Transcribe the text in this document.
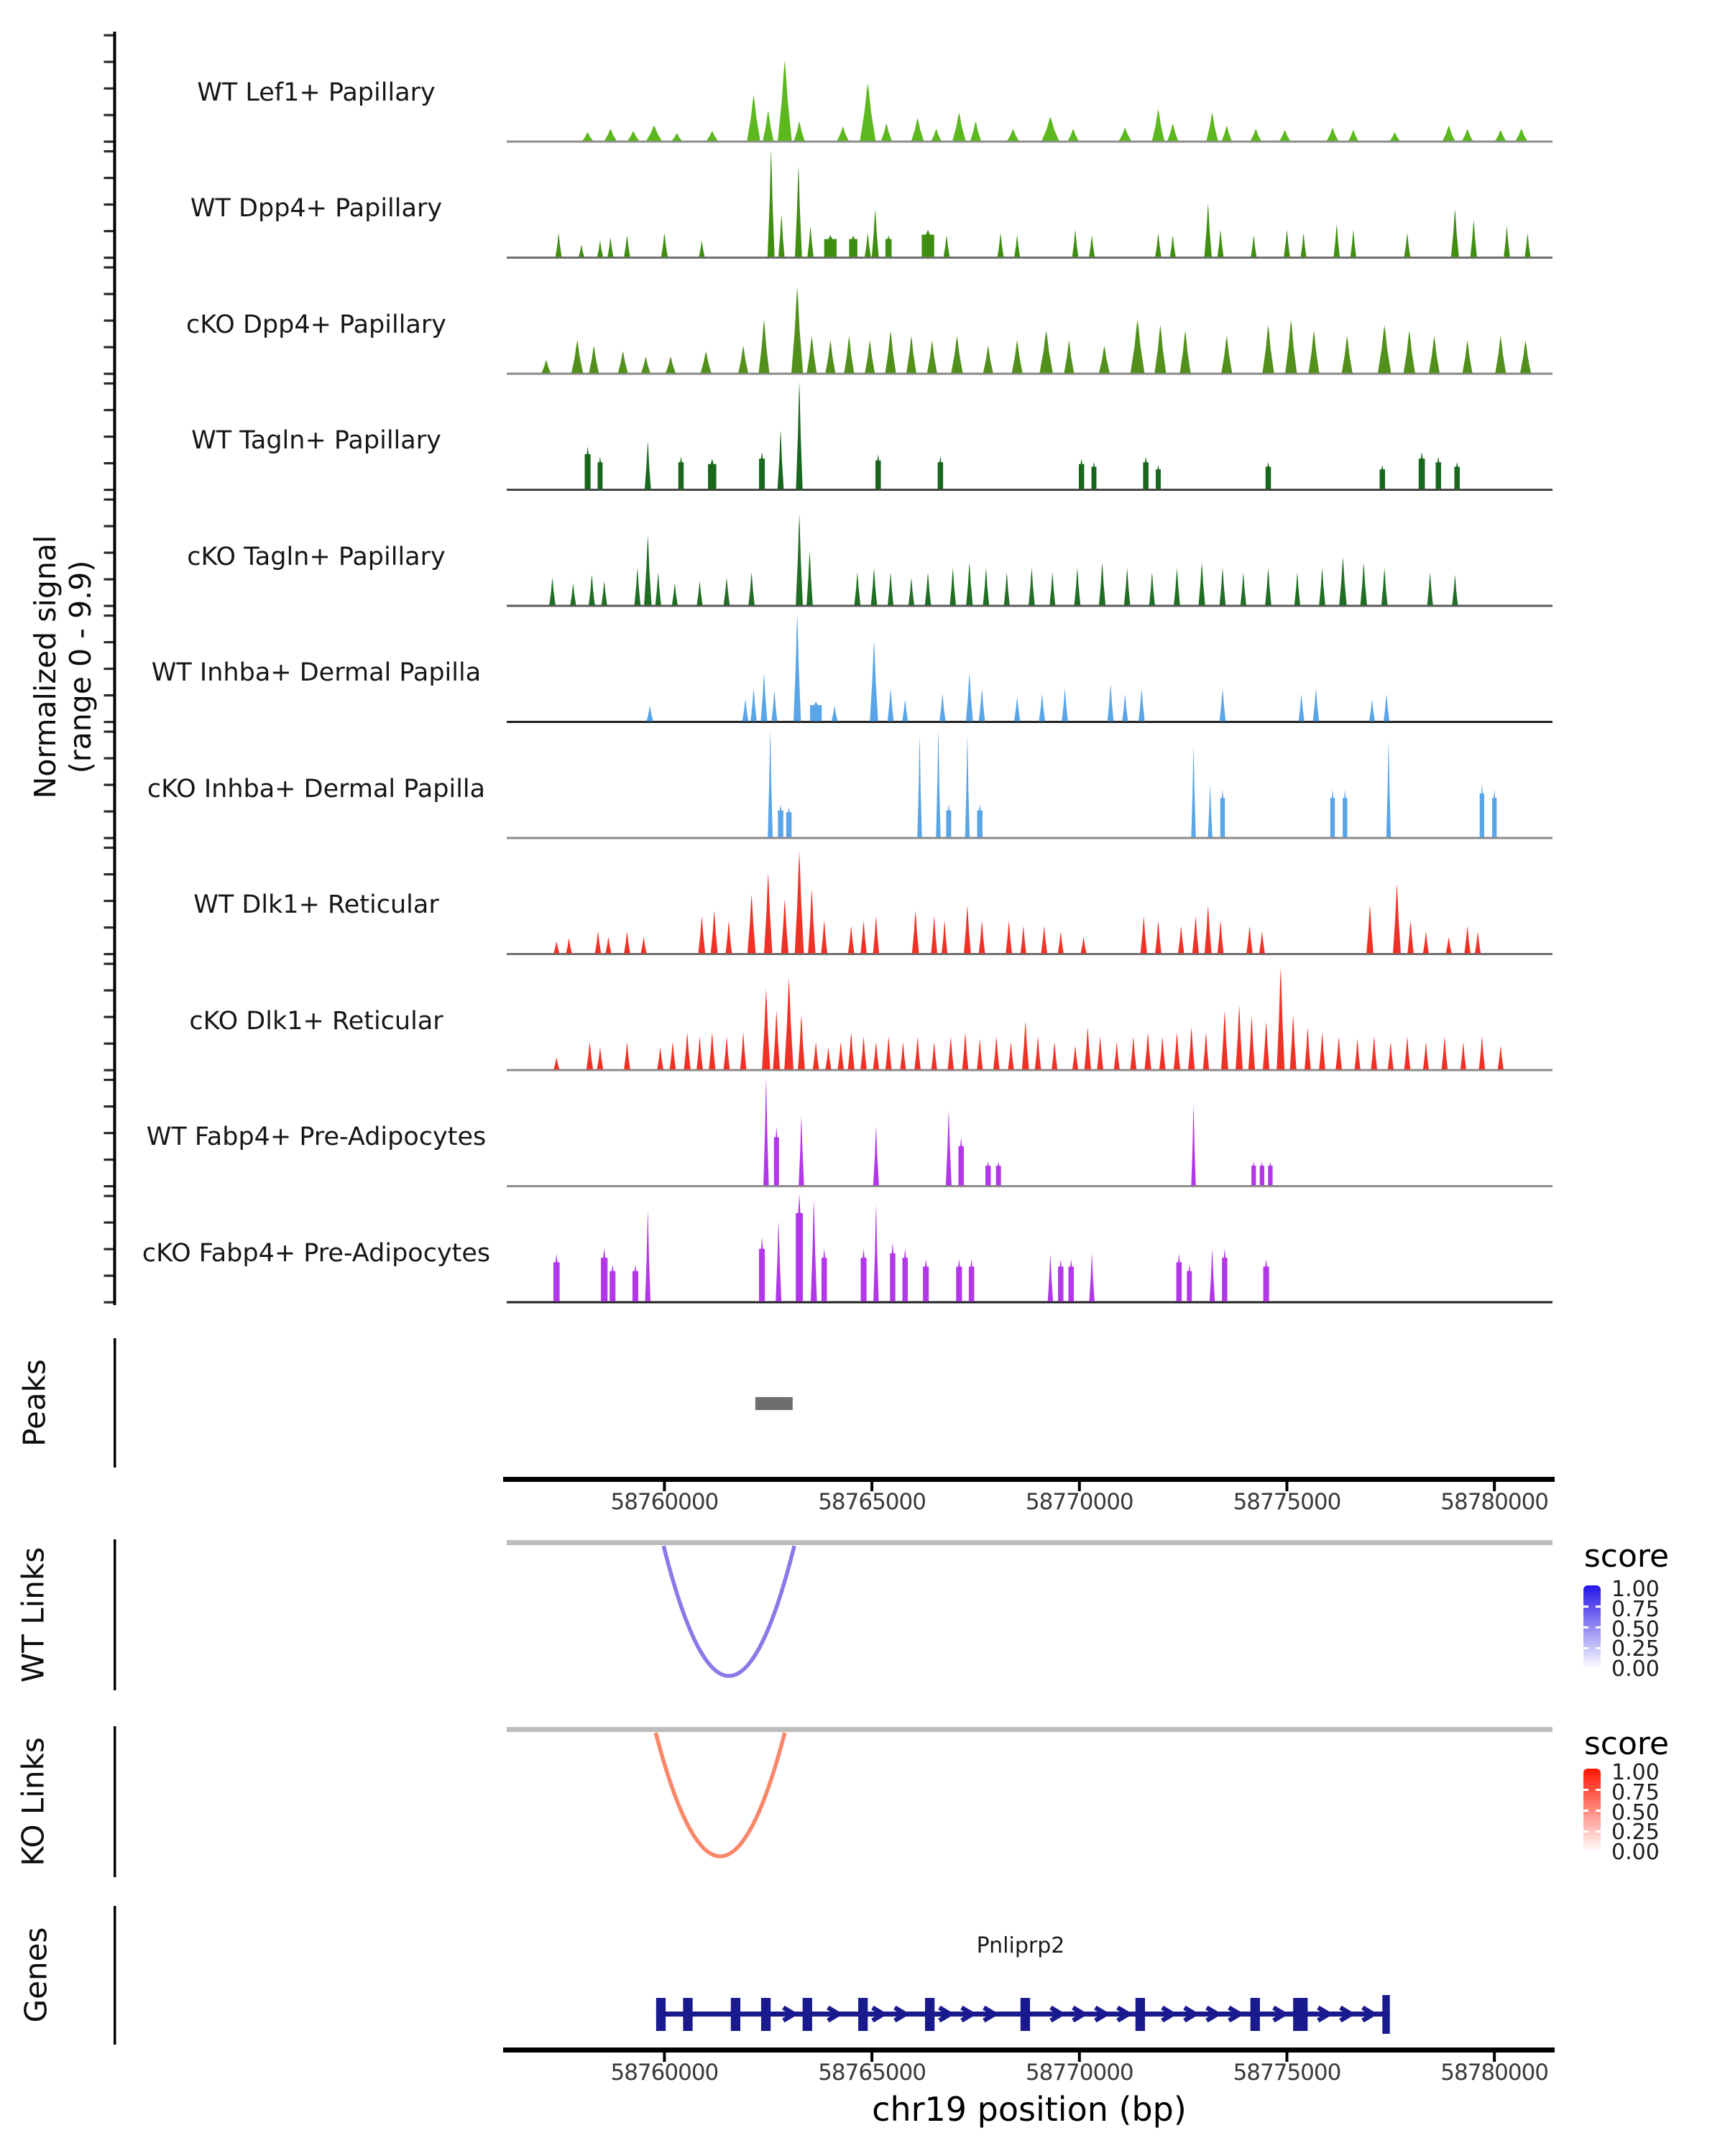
Normalized signal (range 0 - 9.9)
WT Lef1+ Papillary
WT Dpp4+ Papillary
cKO Dpp4+ Papillary
WT Tagln+ Papillary
cKO Tagln+ Papillary
WT Inhba+ Dermal Papilla
cKO Inhba+ Dermal Papilla
WT Dlk1+ Reticular
cKO Dlk1+ Reticular
WT Fabp4+ Pre-Adipocytes
cKO Fabp4+ Pre-Adipocytes
Peaks
WT Links
KO Links
Genes
58760000	58765000	58770000	58775000	58780000
58760000	58765000	58770000	58775000	58780000
chr19 position (bp)
Pnliprp2
score
1.00
0.75
0.50
0.25
0.00
score
1.00
0.75
0.50
0.25
0.00
